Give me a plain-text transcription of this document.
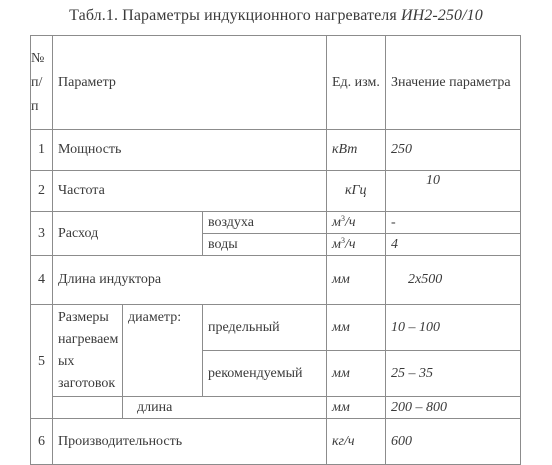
Табл.1. Параметры индукционного нагревателя ИН2-250/10
№
п/
п	Параметр			Ед. изм.	Значение параметра
1	Мощность			кВт	250
2	Частота			кГц	10
3	Расход		воздуха	$м^3/ч$	-
			воды	$м^3/ч$	4
4	Длина индуктора			мм	2x500
5	Размеры нагреваем ых заготовок	диаметр:	предельный	мм	10 – 100
			рекомендуемый	мм	25 – 35
		длина		мм	200 – 800
6	Производительность			кг/ч	600
